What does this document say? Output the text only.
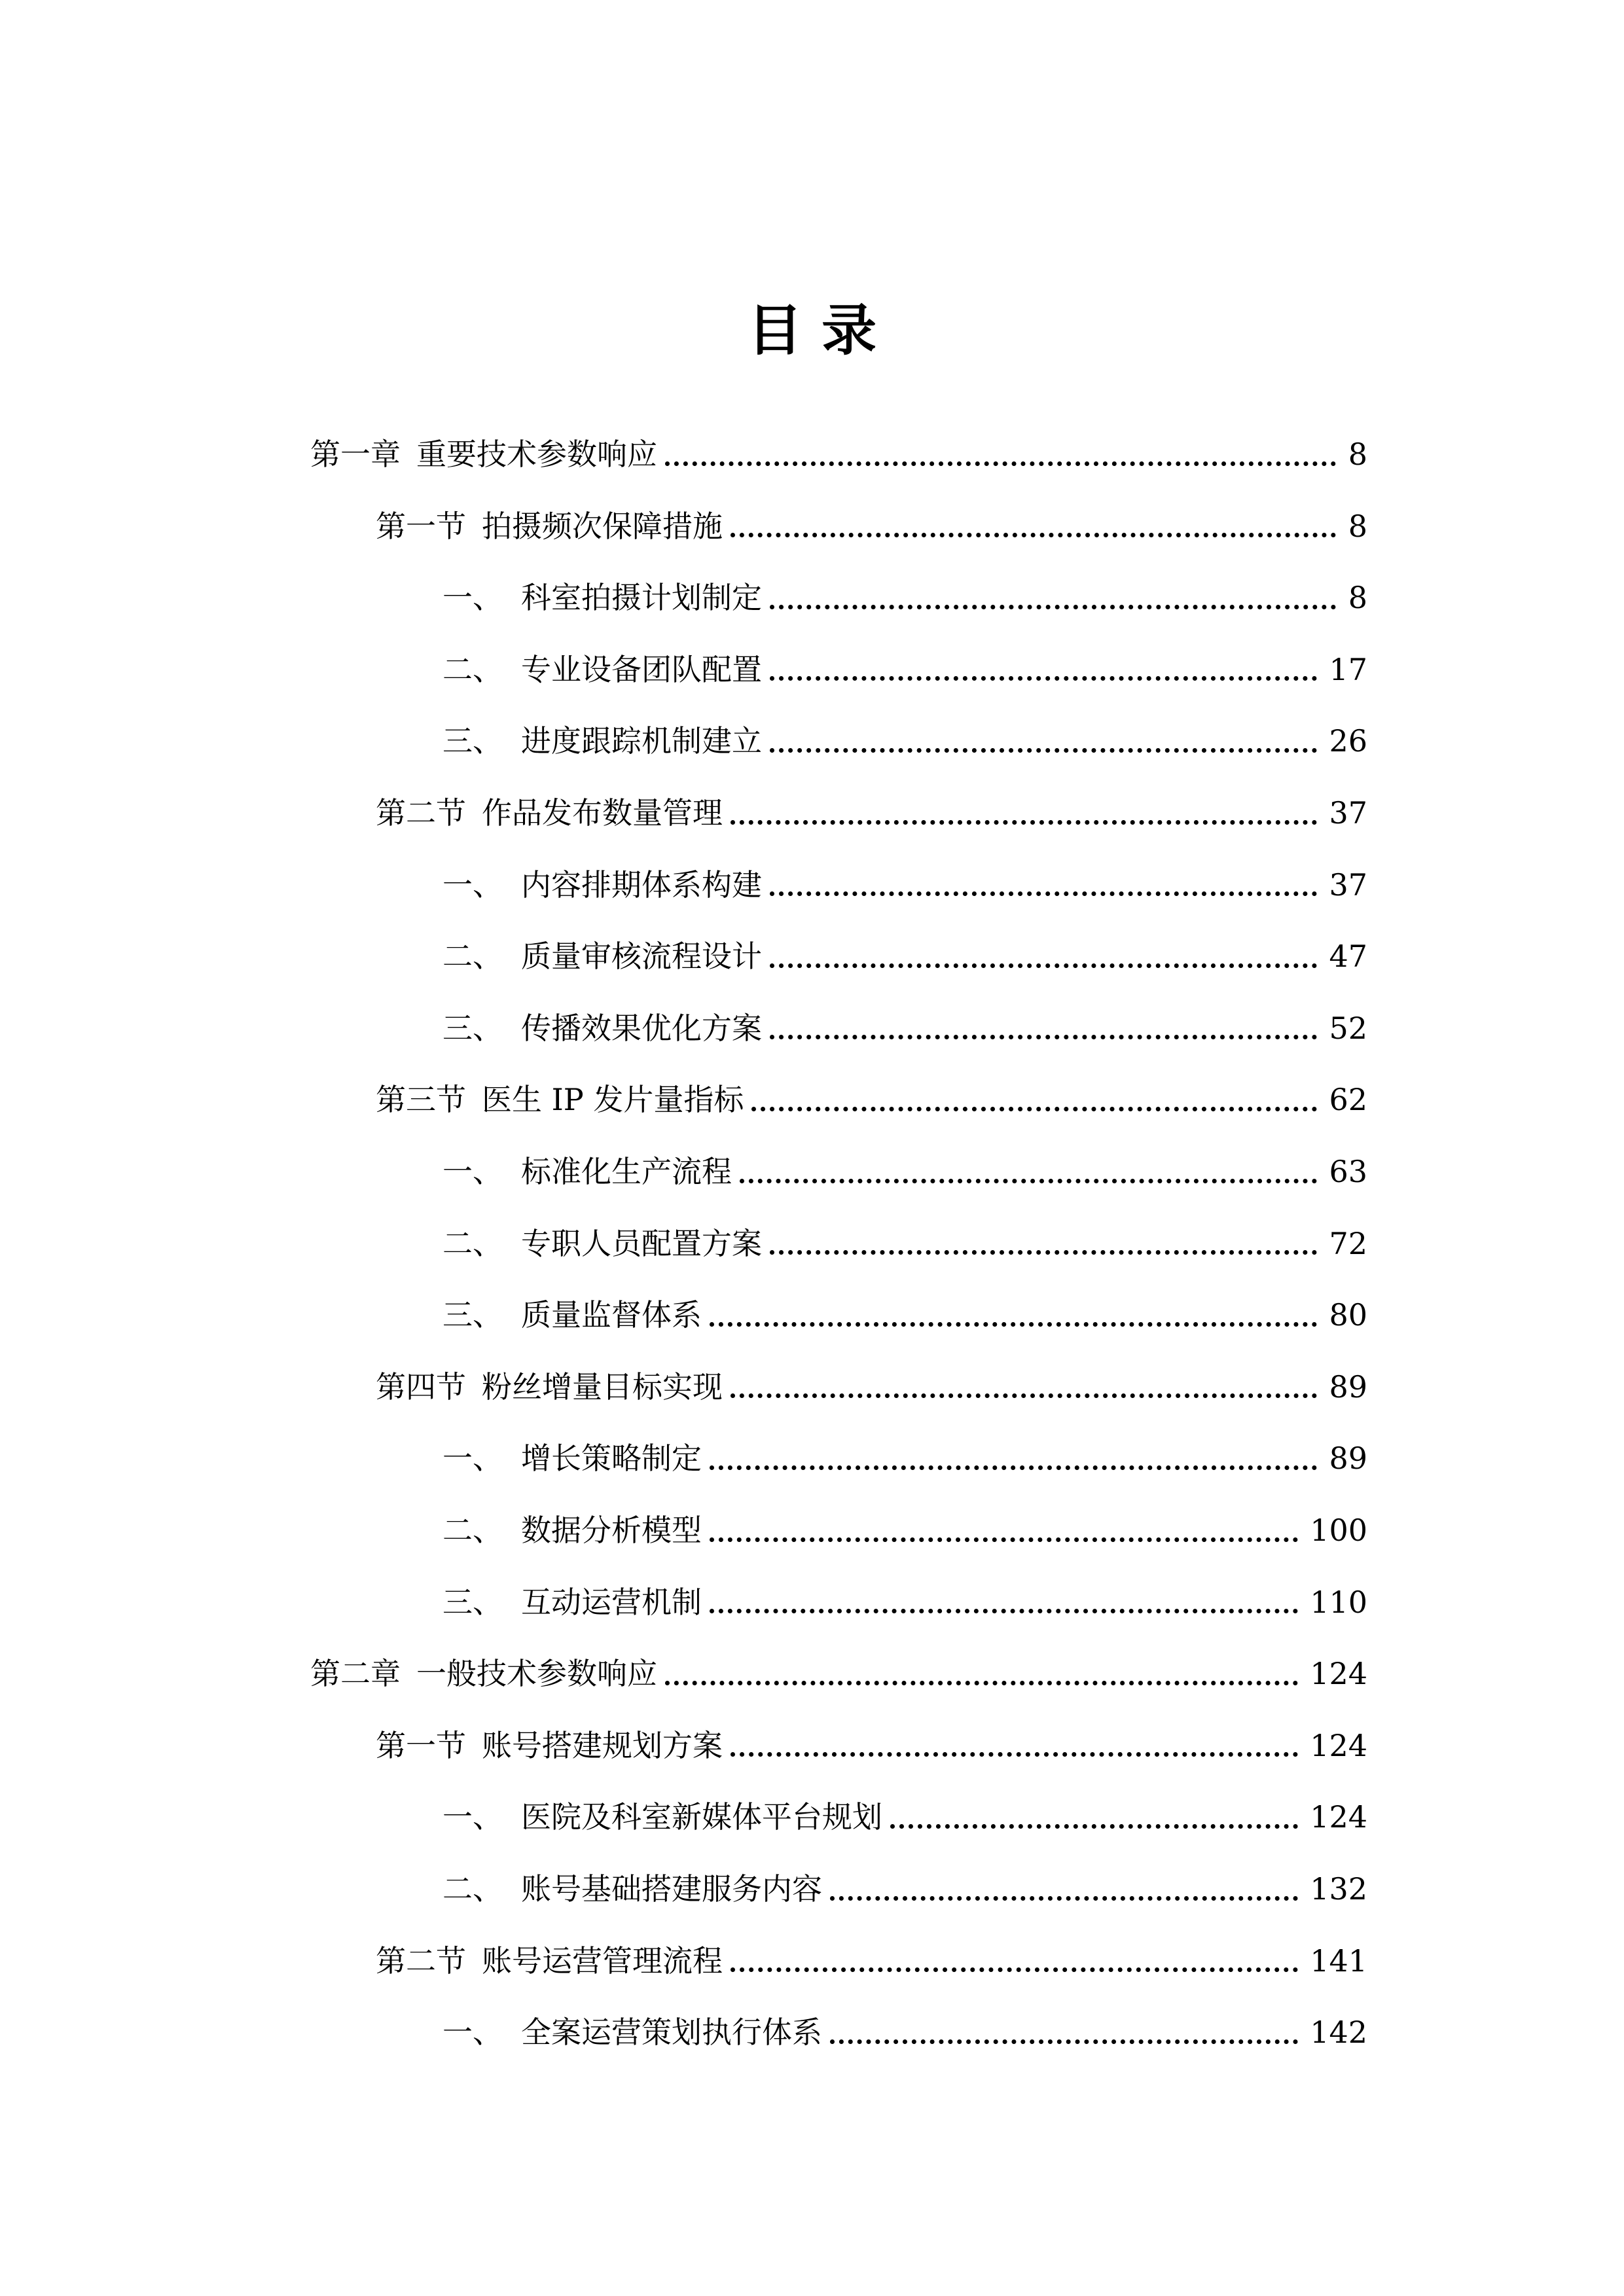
目 录
第一章 重要技术参数响应	8
第一节 拍摄频次保障措施	8
一、 科室拍摄计划制定	8
二、 专业设备团队配置	17
三、 进度跟踪机制建立	26
第二节 作品发布数量管理	37
一、 内容排期体系构建	37
二、 质量审核流程设计	47
三、 传播效果优化方案	52
第三节 医生 IP 发片量指标	62
一、 标准化生产流程	63
二、 专职人员配置方案	72
三、 质量监督体系	80
第四节 粉丝增量目标实现	89
一、 增长策略制定	89
二、 数据分析模型	100
三、 互动运营机制	110
第二章 一般技术参数响应	124
第一节 账号搭建规划方案	124
一、 医院及科室新媒体平台规划	124
二、 账号基础搭建服务内容	132
第二节 账号运营管理流程	141
一、 全案运营策划执行体系	142
